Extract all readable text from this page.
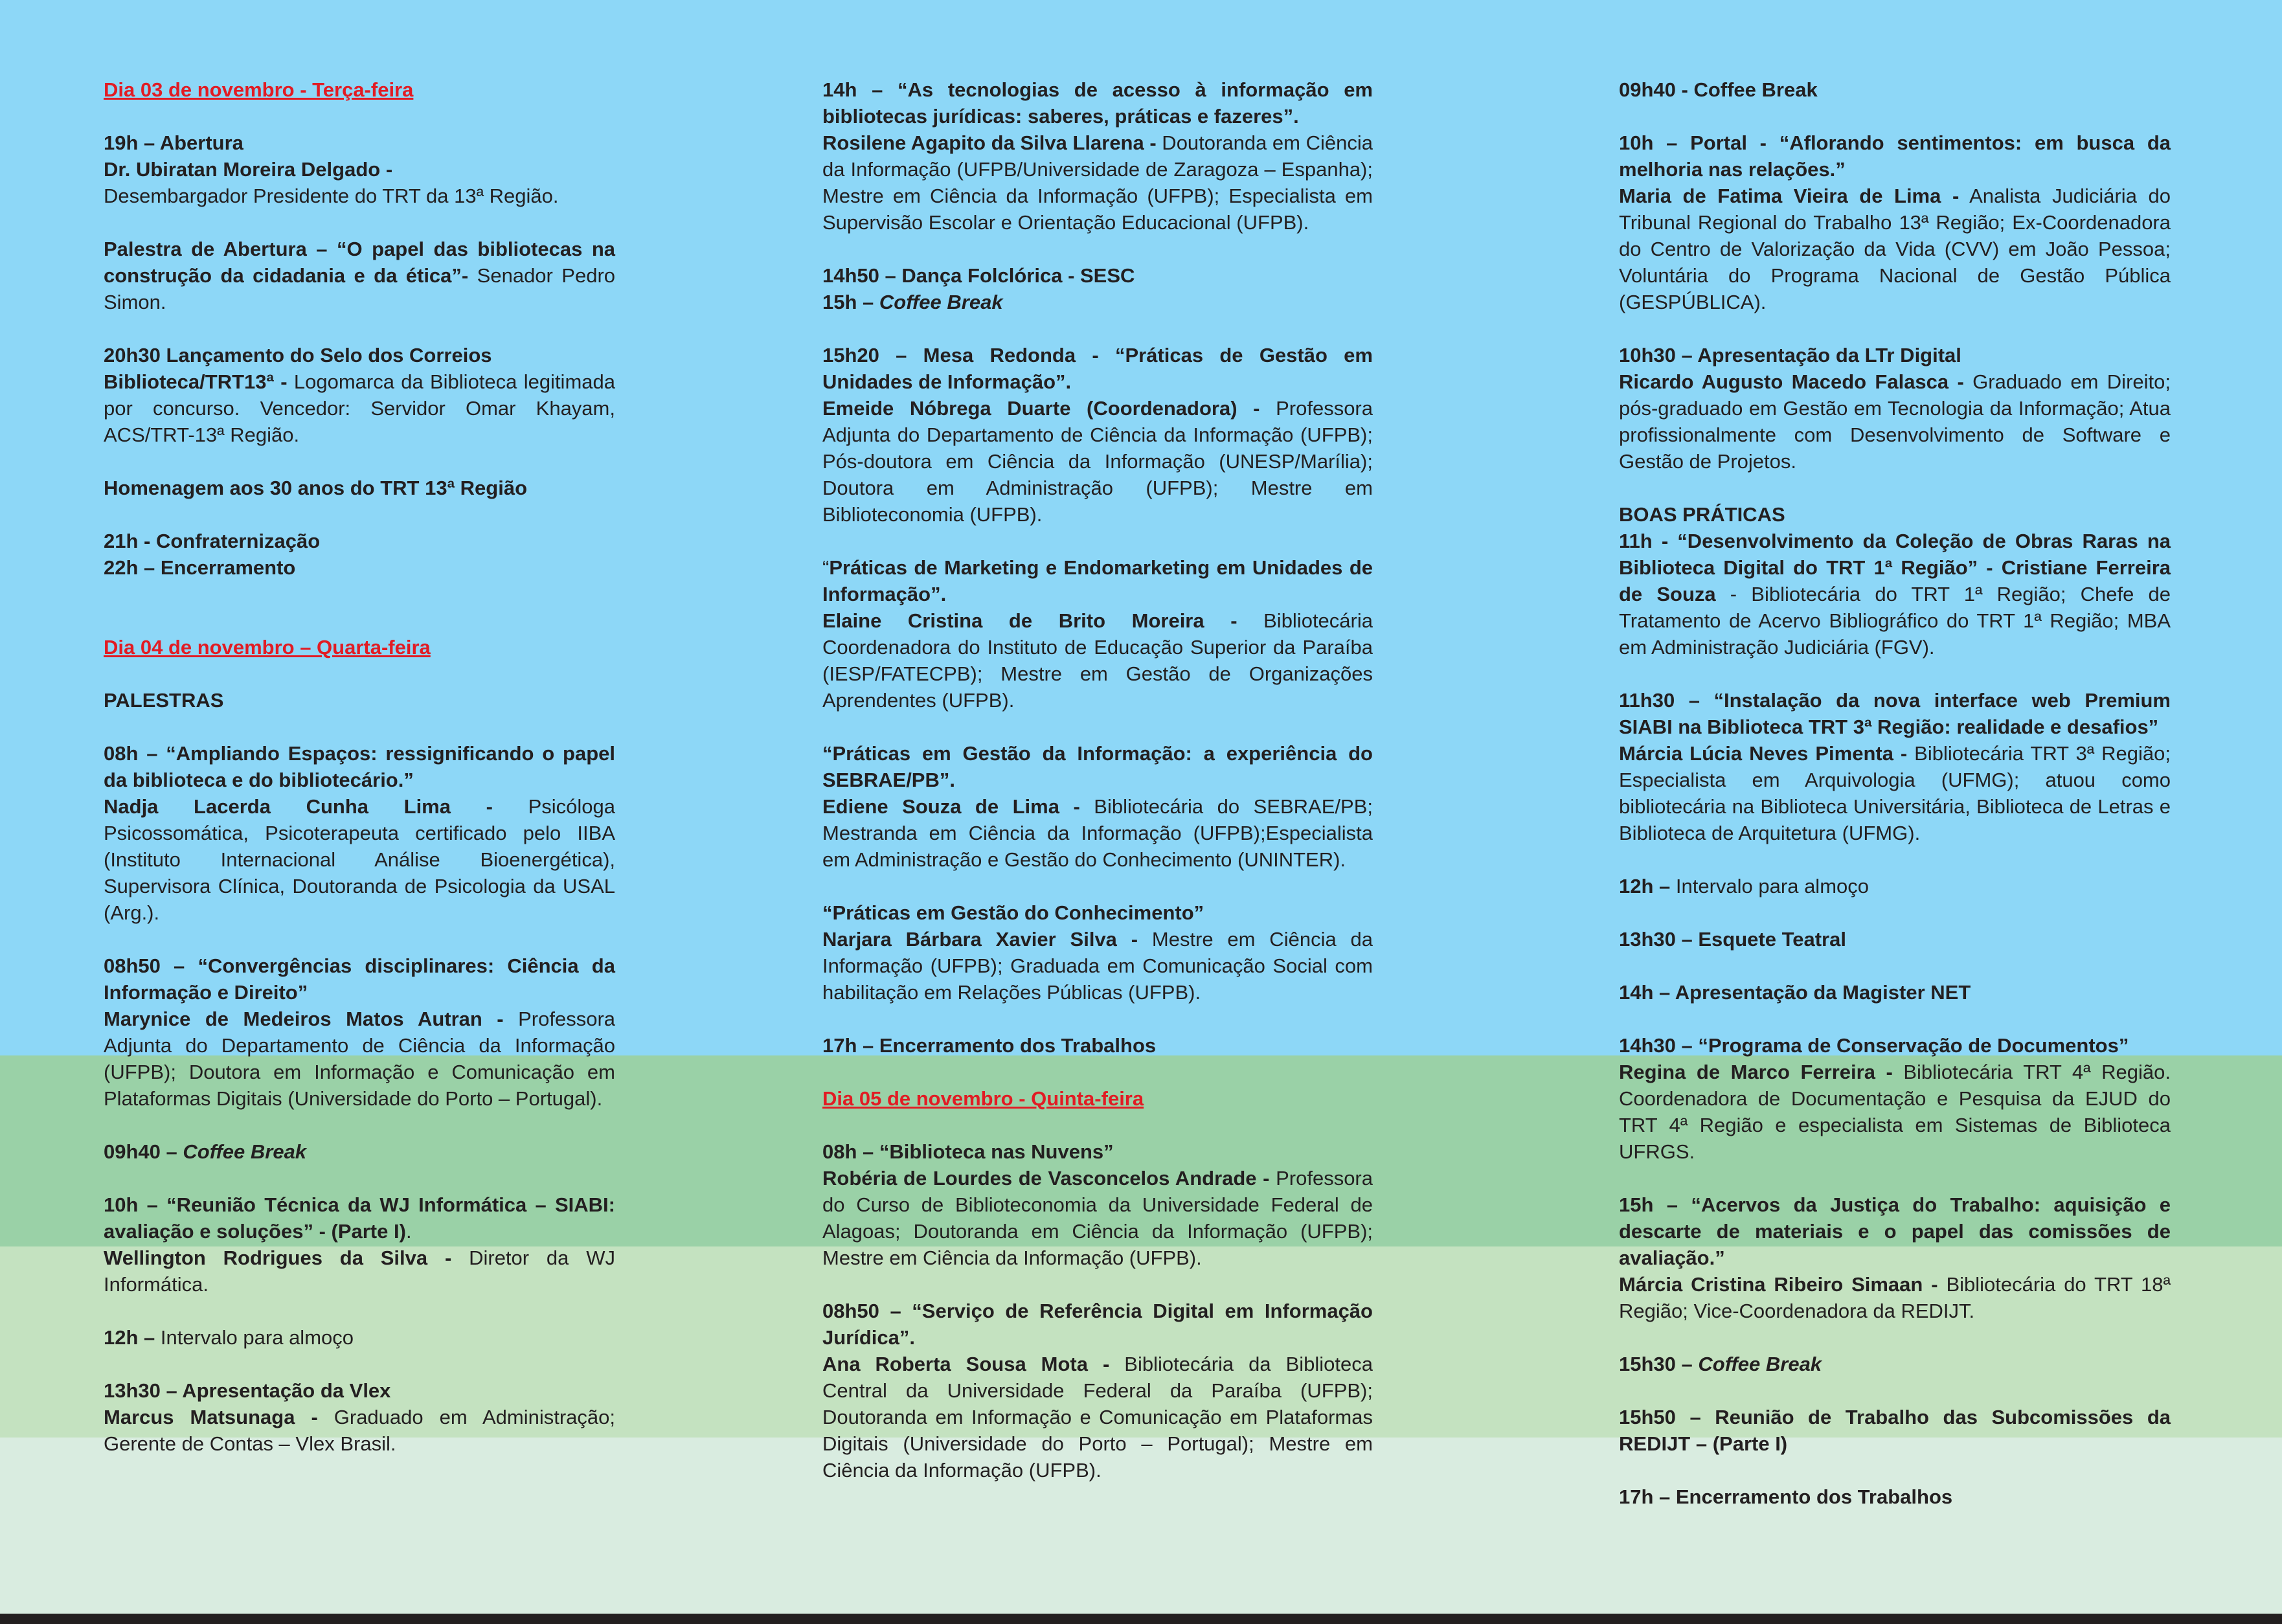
Dia 03 de novembro - Terça-feira
19h – Abertura
Dr. Ubiratan Moreira Delgado -
Desembargador Presidente do TRT da 13ª Região.
Palestra de Abertura – “O papel das bibliotecas na construção da cidadania e da ética”- Senador Pedro Simon.
20h30 Lançamento do Selo dos Correios
Biblioteca/TRT13ª - Logomarca da Biblioteca legitimada por concurso. Vencedor: Servidor Omar Khayam, ACS/TRT-13ª Região.
Homenagem aos 30 anos do TRT 13ª Região
21h - Confraternização
22h – Encerramento
Dia 04 de novembro – Quarta-feira
PALESTRAS
08h – “Ampliando Espaços: ressignificando o papel da biblioteca e do bibliotecário.”
Nadja Lacerda Cunha Lima - Psicóloga Psicossomática, Psicoterapeuta certificado pelo IIBA (Instituto Internacional Análise Bioenergética), Supervisora Clínica, Doutoranda de Psicologia da USAL (Arg.).
08h50 – “Convergências disciplinares: Ciência da Informação e Direito”
Marynice de Medeiros Matos Autran - Professora Adjunta do Departamento de Ciência da Informação (UFPB); Doutora em Informação e Comunicação em Plataformas Digitais (Universidade do Porto – Portugal).
09h40 – Coffee Break
10h – “Reunião Técnica da WJ Informática – SIABI: avaliação e soluções” - (Parte I).
Wellington Rodrigues da Silva - Diretor da WJ Informática.
12h – Intervalo para almoço
13h30 – Apresentação da Vlex
Marcus Matsunaga - Graduado em Administração; Gerente de Contas – Vlex Brasil.
14h – “As tecnologias de acesso à informação em bibliotecas jurídicas: saberes, práticas e fazeres”.
Rosilene Agapito da Silva Llarena - Doutoranda em Ciência da Informação (UFPB/Universidade de Zaragoza – Espanha); Mestre em Ciência da Informação (UFPB); Especialista em Supervisão Escolar e Orientação Educacional (UFPB).
14h50 – Dança Folclórica - SESC
15h – Coffee Break
15h20 – Mesa Redonda - “Práticas de Gestão em Unidades de Informação”.
Emeide Nóbrega Duarte (Coordenadora) - Professora Adjunta do Departamento de Ciência da Informação (UFPB); Pós-doutora em Ciência da Informação (UNESP/Marília); Doutora em Administração (UFPB); Mestre em Biblioteconomia (UFPB).
“Práticas de Marketing e Endomarketing em Unidades de Informação”.
Elaine Cristina de Brito Moreira - Bibliotecária Coordenadora do Instituto de Educação Superior da Paraíba (IESP/FATECPB); Mestre em Gestão de Organizações Aprendentes (UFPB).
“Práticas em Gestão da Informação: a experiência do SEBRAE/PB”.
Ediene Souza de Lima - Bibliotecária do SEBRAE/PB; Mestranda em Ciência da Informação (UFPB);Especialista em Administração e Gestão do Conhecimento (UNINTER).
“Práticas em Gestão do Conhecimento”
Narjara Bárbara Xavier Silva - Mestre em Ciência da Informação (UFPB); Graduada em Comunicação Social com habilitação em Relações Públicas (UFPB).
17h – Encerramento dos Trabalhos
Dia 05 de novembro - Quinta-feira
08h – “Biblioteca nas Nuvens”
Robéria de Lourdes de Vasconcelos Andrade - Professora do Curso de Biblioteconomia da Universidade Federal de Alagoas; Doutoranda em Ciência da Informação (UFPB); Mestre em Ciência da Informação (UFPB).
08h50 – “Serviço de Referência Digital em Informação Jurídica”.
Ana Roberta Sousa Mota - Bibliotecária da Biblioteca Central da Universidade Federal da Paraíba (UFPB); Doutoranda em Informação e Comunicação em Plataformas Digitais (Universidade do Porto – Portugal); Mestre em Ciência da Informação (UFPB).
09h40 - Coffee Break
10h – Portal - “Aflorando sentimentos: em busca da melhoria nas relações.”
Maria de Fatima Vieira de Lima - Analista Judiciária do Tribunal Regional do Trabalho 13ª Região; Ex-Coordenadora do Centro de Valorização da Vida (CVV) em João Pessoa; Voluntária do Programa Nacional de Gestão Pública (GESPÚBLICA).
10h30 – Apresentação da LTr Digital
Ricardo Augusto Macedo Falasca - Graduado em Direito; pós-graduado em Gestão em Tecnologia da Informação; Atua profissionalmente com Desenvolvimento de Software e Gestão de Projetos.
BOAS PRÁTICAS
11h - “Desenvolvimento da Coleção de Obras Raras na Biblioteca Digital do TRT 1ª Região” - Cristiane Ferreira de Souza - Bibliotecária do TRT 1ª Região; Chefe de Tratamento de Acervo Bibliográfico do TRT 1ª Região; MBA em Administração Judiciária (FGV).
11h30 – “Instalação da nova interface web Premium SIABI na Biblioteca TRT 3ª Região: realidade e desafios”
Márcia Lúcia Neves Pimenta - Bibliotecária TRT 3ª Região; Especialista em Arquivologia (UFMG); atuou como bibliotecária na Biblioteca Universitária, Biblioteca de Letras e Biblioteca de Arquitetura (UFMG).
12h – Intervalo para almoço
13h30 – Esquete Teatral
14h – Apresentação da Magister NET
14h30 – “Programa de Conservação de Documentos”
Regina de Marco Ferreira - Bibliotecária TRT 4ª Região. Coordenadora de Documentação e Pesquisa da EJUD do TRT 4ª Região e especialista em Sistemas de Biblioteca UFRGS.
15h – “Acervos da Justiça do Trabalho: aquisição e descarte de materiais e o papel das comissões de avaliação.”
Márcia Cristina Ribeiro Simaan - Bibliotecária do TRT 18ª Região; Vice-Coordenadora da REDIJT.
15h30 – Coffee Break
15h50 – Reunião de Trabalho das Subcomissões da REDIJT – (Parte I)
17h – Encerramento dos Trabalhos
